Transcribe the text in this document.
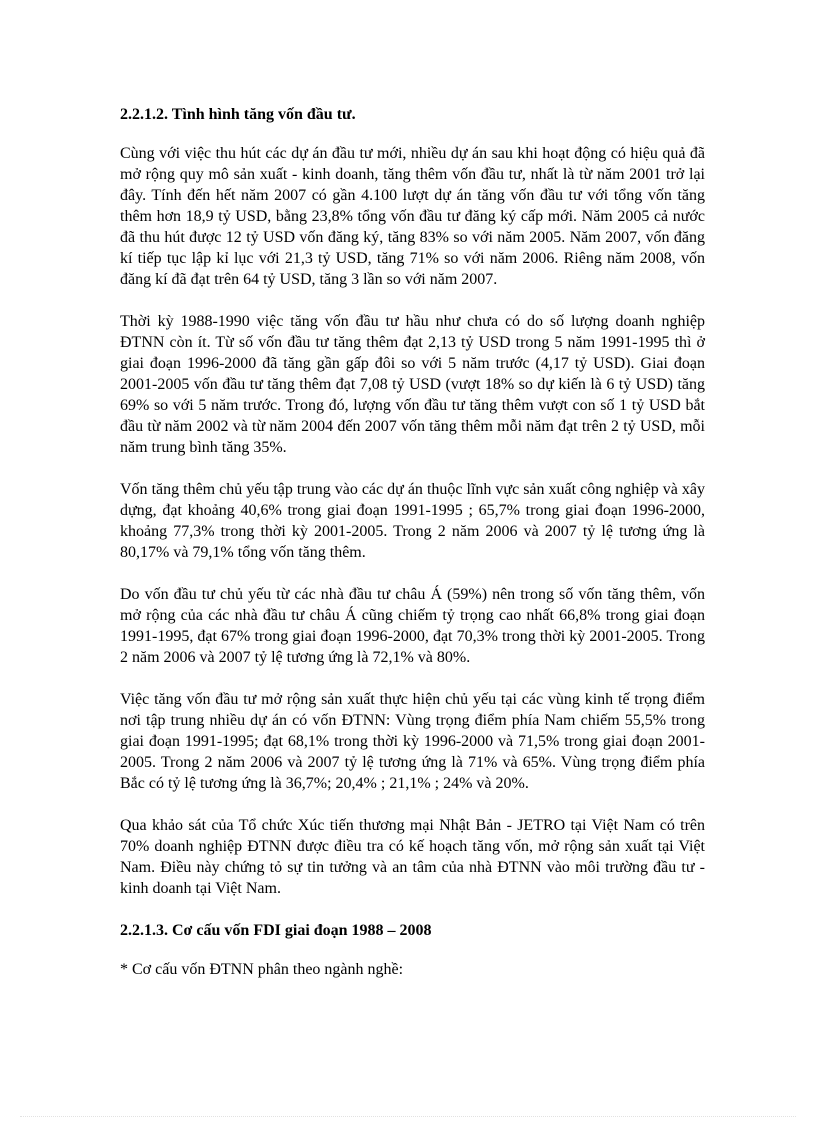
2.2.1.2. Tình hình tăng vốn đầu tư.

Cùng với việc thu hút các dự án đầu tư mới, nhiều dự án sau khi hoạt động có hiệu quả đã mở rộng quy mô sản xuất - kinh doanh, tăng thêm vốn đầu tư, nhất là từ năm 2001 trở lại đây. Tính đến hết năm 2007 có gần 4.100 lượt dự án tăng vốn đầu tư với tổng vốn tăng thêm hơn 18,9 tỷ USD, bằng 23,8% tổng vốn đầu tư đăng ký cấp mới. Năm 2005 cả nước đã thu hút được 12 tỷ USD vốn đăng ký, tăng 83% so với năm 2005. Năm 2007, vốn đăng kí tiếp tục lập kỉ lục với 21,3 tỷ USD, tăng 71% so với năm 2006. Riêng năm 2008, vốn đăng kí đã đạt trên 64 tỷ USD, tăng 3 lần so với năm 2007.

Thời kỳ 1988-1990 việc tăng vốn đầu tư hầu như chưa có do số lượng doanh nghiệp ĐTNN còn ít. Từ số vốn đầu tư tăng thêm đạt 2,13 tỷ USD trong 5 năm 1991-1995 thì ở giai đoạn 1996-2000 đã tăng gần gấp đôi so với 5 năm trước (4,17 tỷ USD). Giai đoạn 2001-2005 vốn đầu tư tăng thêm đạt 7,08 tỷ USD (vượt 18% so dự kiến là 6 tỷ USD) tăng 69% so với 5 năm trước. Trong đó, lượng vốn đầu tư tăng thêm vượt con số 1 tỷ USD bắt đầu từ năm 2002 và từ năm 2004 đến 2007 vốn tăng thêm mỗi năm đạt trên 2 tỷ USD, mỗi năm trung bình tăng 35%.

Vốn tăng thêm chủ yếu tập trung vào các dự án thuộc lĩnh vực sản xuất công nghiệp và xây dựng, đạt khoảng 40,6% trong giai đoạn 1991-1995 ; 65,7% trong giai đoạn 1996-2000, khoảng 77,3% trong thời kỳ 2001-2005. Trong 2 năm 2006 và 2007 tỷ lệ tương ứng là 80,17% và 79,1% tổng vốn tăng thêm.

Do vốn đầu tư chủ yếu từ các nhà đầu tư châu Á (59%) nên trong số vốn tăng thêm, vốn mở rộng của các nhà đầu tư châu Á cũng chiếm tỷ trọng cao nhất 66,8% trong giai đoạn 1991-1995, đạt 67% trong giai đoạn 1996-2000, đạt 70,3% trong thời kỳ 2001-2005. Trong 2 năm 2006 và 2007 tỷ lệ tương ứng là 72,1% và 80%.

Việc tăng vốn đầu tư mở rộng sản xuất thực hiện chủ yếu tại các vùng kinh tế trọng điểm nơi tập trung nhiều dự án có vốn ĐTNN: Vùng trọng điểm phía Nam chiếm 55,5% trong giai đoạn 1991-1995; đạt 68,1% trong thời kỳ 1996-2000 và 71,5% trong giai đoạn 2001- 2005. Trong 2 năm 2006 và 2007 tỷ lệ tương ứng là 71% và 65%. Vùng trọng điểm phía Bắc có tỷ lệ tương ứng là 36,7%; 20,4% ; 21,1% ; 24% và 20%.

Qua khảo sát của Tổ chức Xúc tiến thương mại Nhật Bản - JETRO tại Việt Nam có trên 70% doanh nghiệp ĐTNN được điều tra có kế hoạch tăng vốn, mở rộng sản xuất tại Việt Nam. Điều này chứng tỏ sự tin tưởng và an tâm của nhà ĐTNN vào môi trường đầu tư - kinh doanh tại Việt Nam.

2.2.1.3. Cơ cấu vốn FDI giai đoạn 1988 – 2008

* Cơ cấu vốn ĐTNN phân theo ngành nghề:
